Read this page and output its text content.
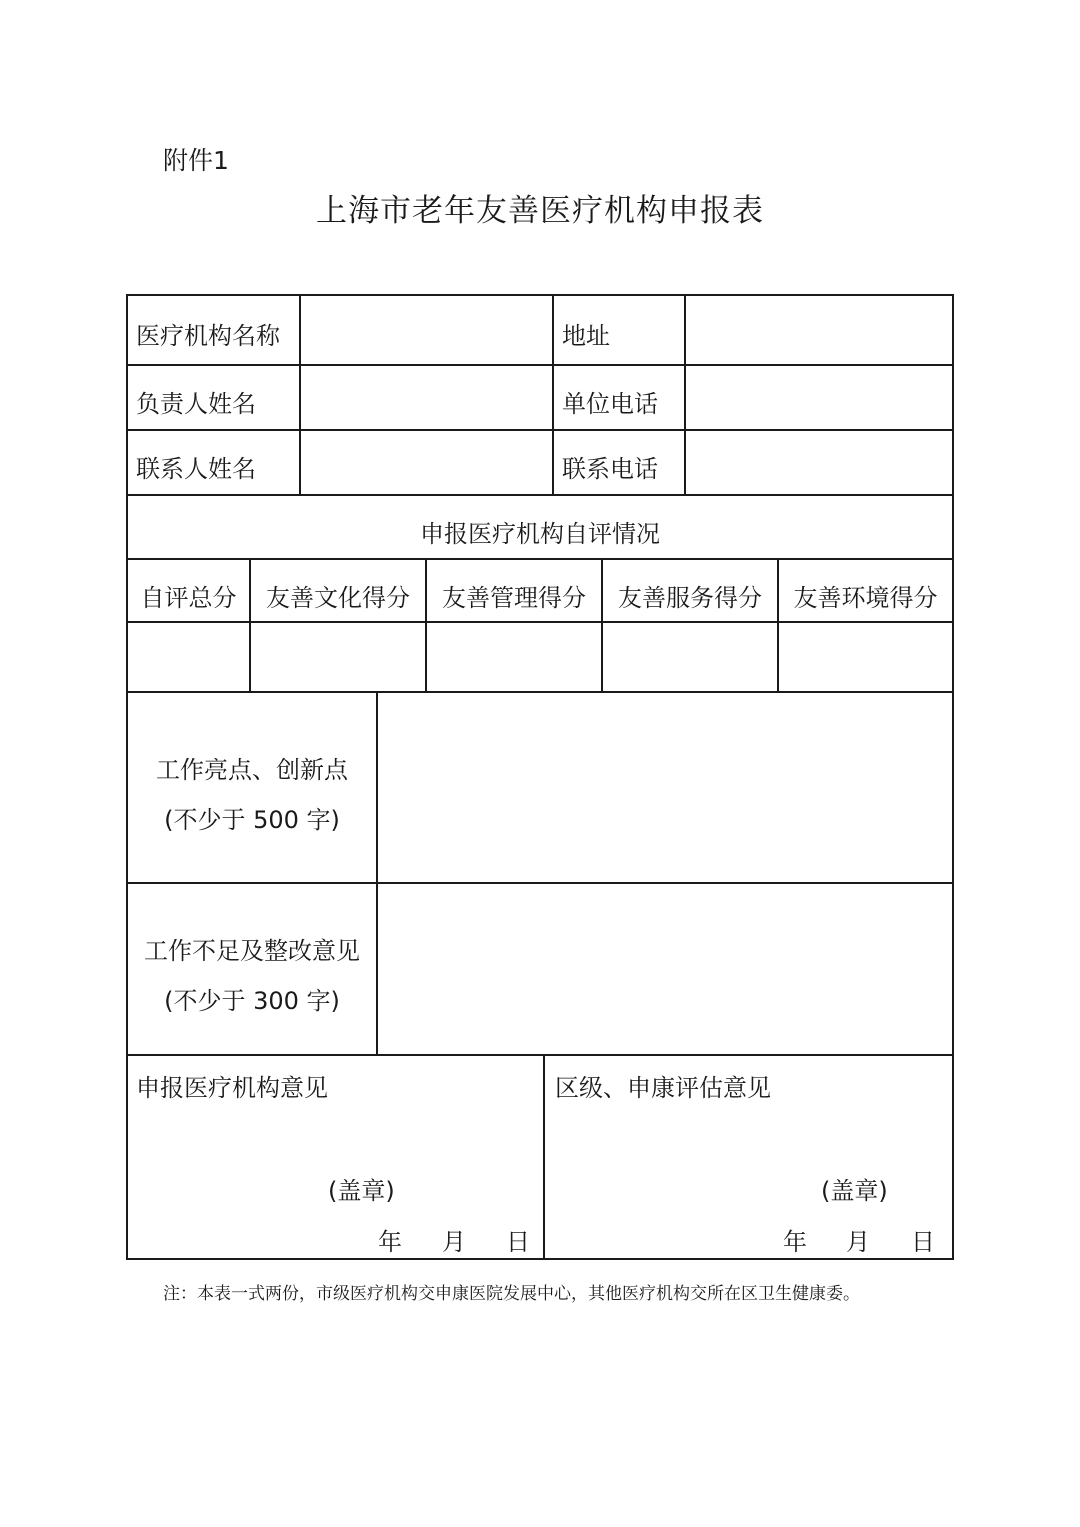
附件1
上海市老年友善医疗机构申报表
医疗机构名称	地址
负责人姓名	单位电话
联系人姓名	联系电话
申报医疗机构自评情况
自评总分	友善文化得分	友善管理得分	友善服务得分	友善环境得分
工作亮点、创新点
(不少于 500 字)
工作不足及整改意见
(不少于 300 字)
申报医疗机构意见
(盖章)
年 月 日
区级、申康评估意见
(盖章)
年 月 日
注：本表一式两份，市级医疗机构交申康医院发展中心，其他医疗机构交所在区卫生健康委。
